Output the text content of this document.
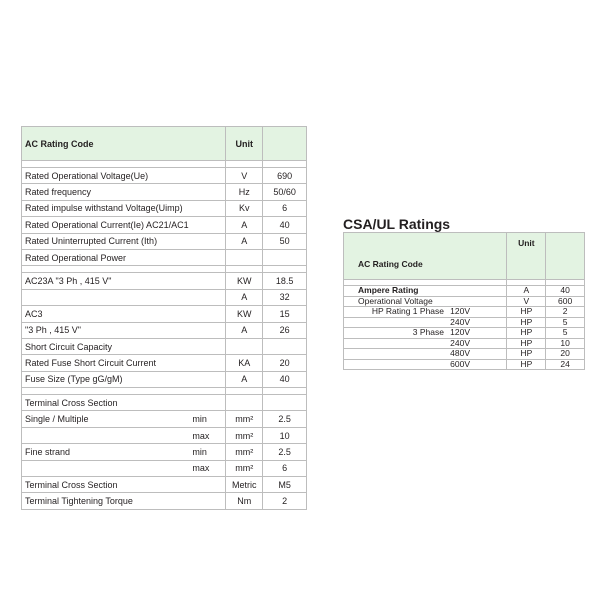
AC Rating Code	Unit	

Rated Operational Voltage(Ue)	V	690
Rated frequency	Hz	50/60
Rated impulse withstand Voltage(Uimp)	Kv	6
Rated Operational Current(Ie) AC21/AC1	A	40
Rated Uninterrupted Current (Ith)	A	50
Rated Operational Power		

AC23A "3 Ph , 415 V"	KW	18.5
	A	32
AC3	KW	15
"3 Ph , 415 V"	A	26
Short Circuit Capacity		
Rated Fuse Short Circuit Current	KA	20
Fuse Size (Type gG/gM)	A	40

Terminal Cross Section		

Single / Multiple min	mm²	2.5

max	mm²	10

Fine strand min	mm²	2.5

max	mm²	6
Terminal Cross Section	Metric	M5
Terminal Tightening Torque	Nm	2
CSA/UL Ratings
AC Rating Code	Unit	

Ampere Rating	A	40
Operational Voltage	V	600

HP Rating 1 Phase 120V	HP	2

240V	HP	5

3 Phase 120V	HP	5

240V	HP	10

480V	HP	20

600V	HP	24
